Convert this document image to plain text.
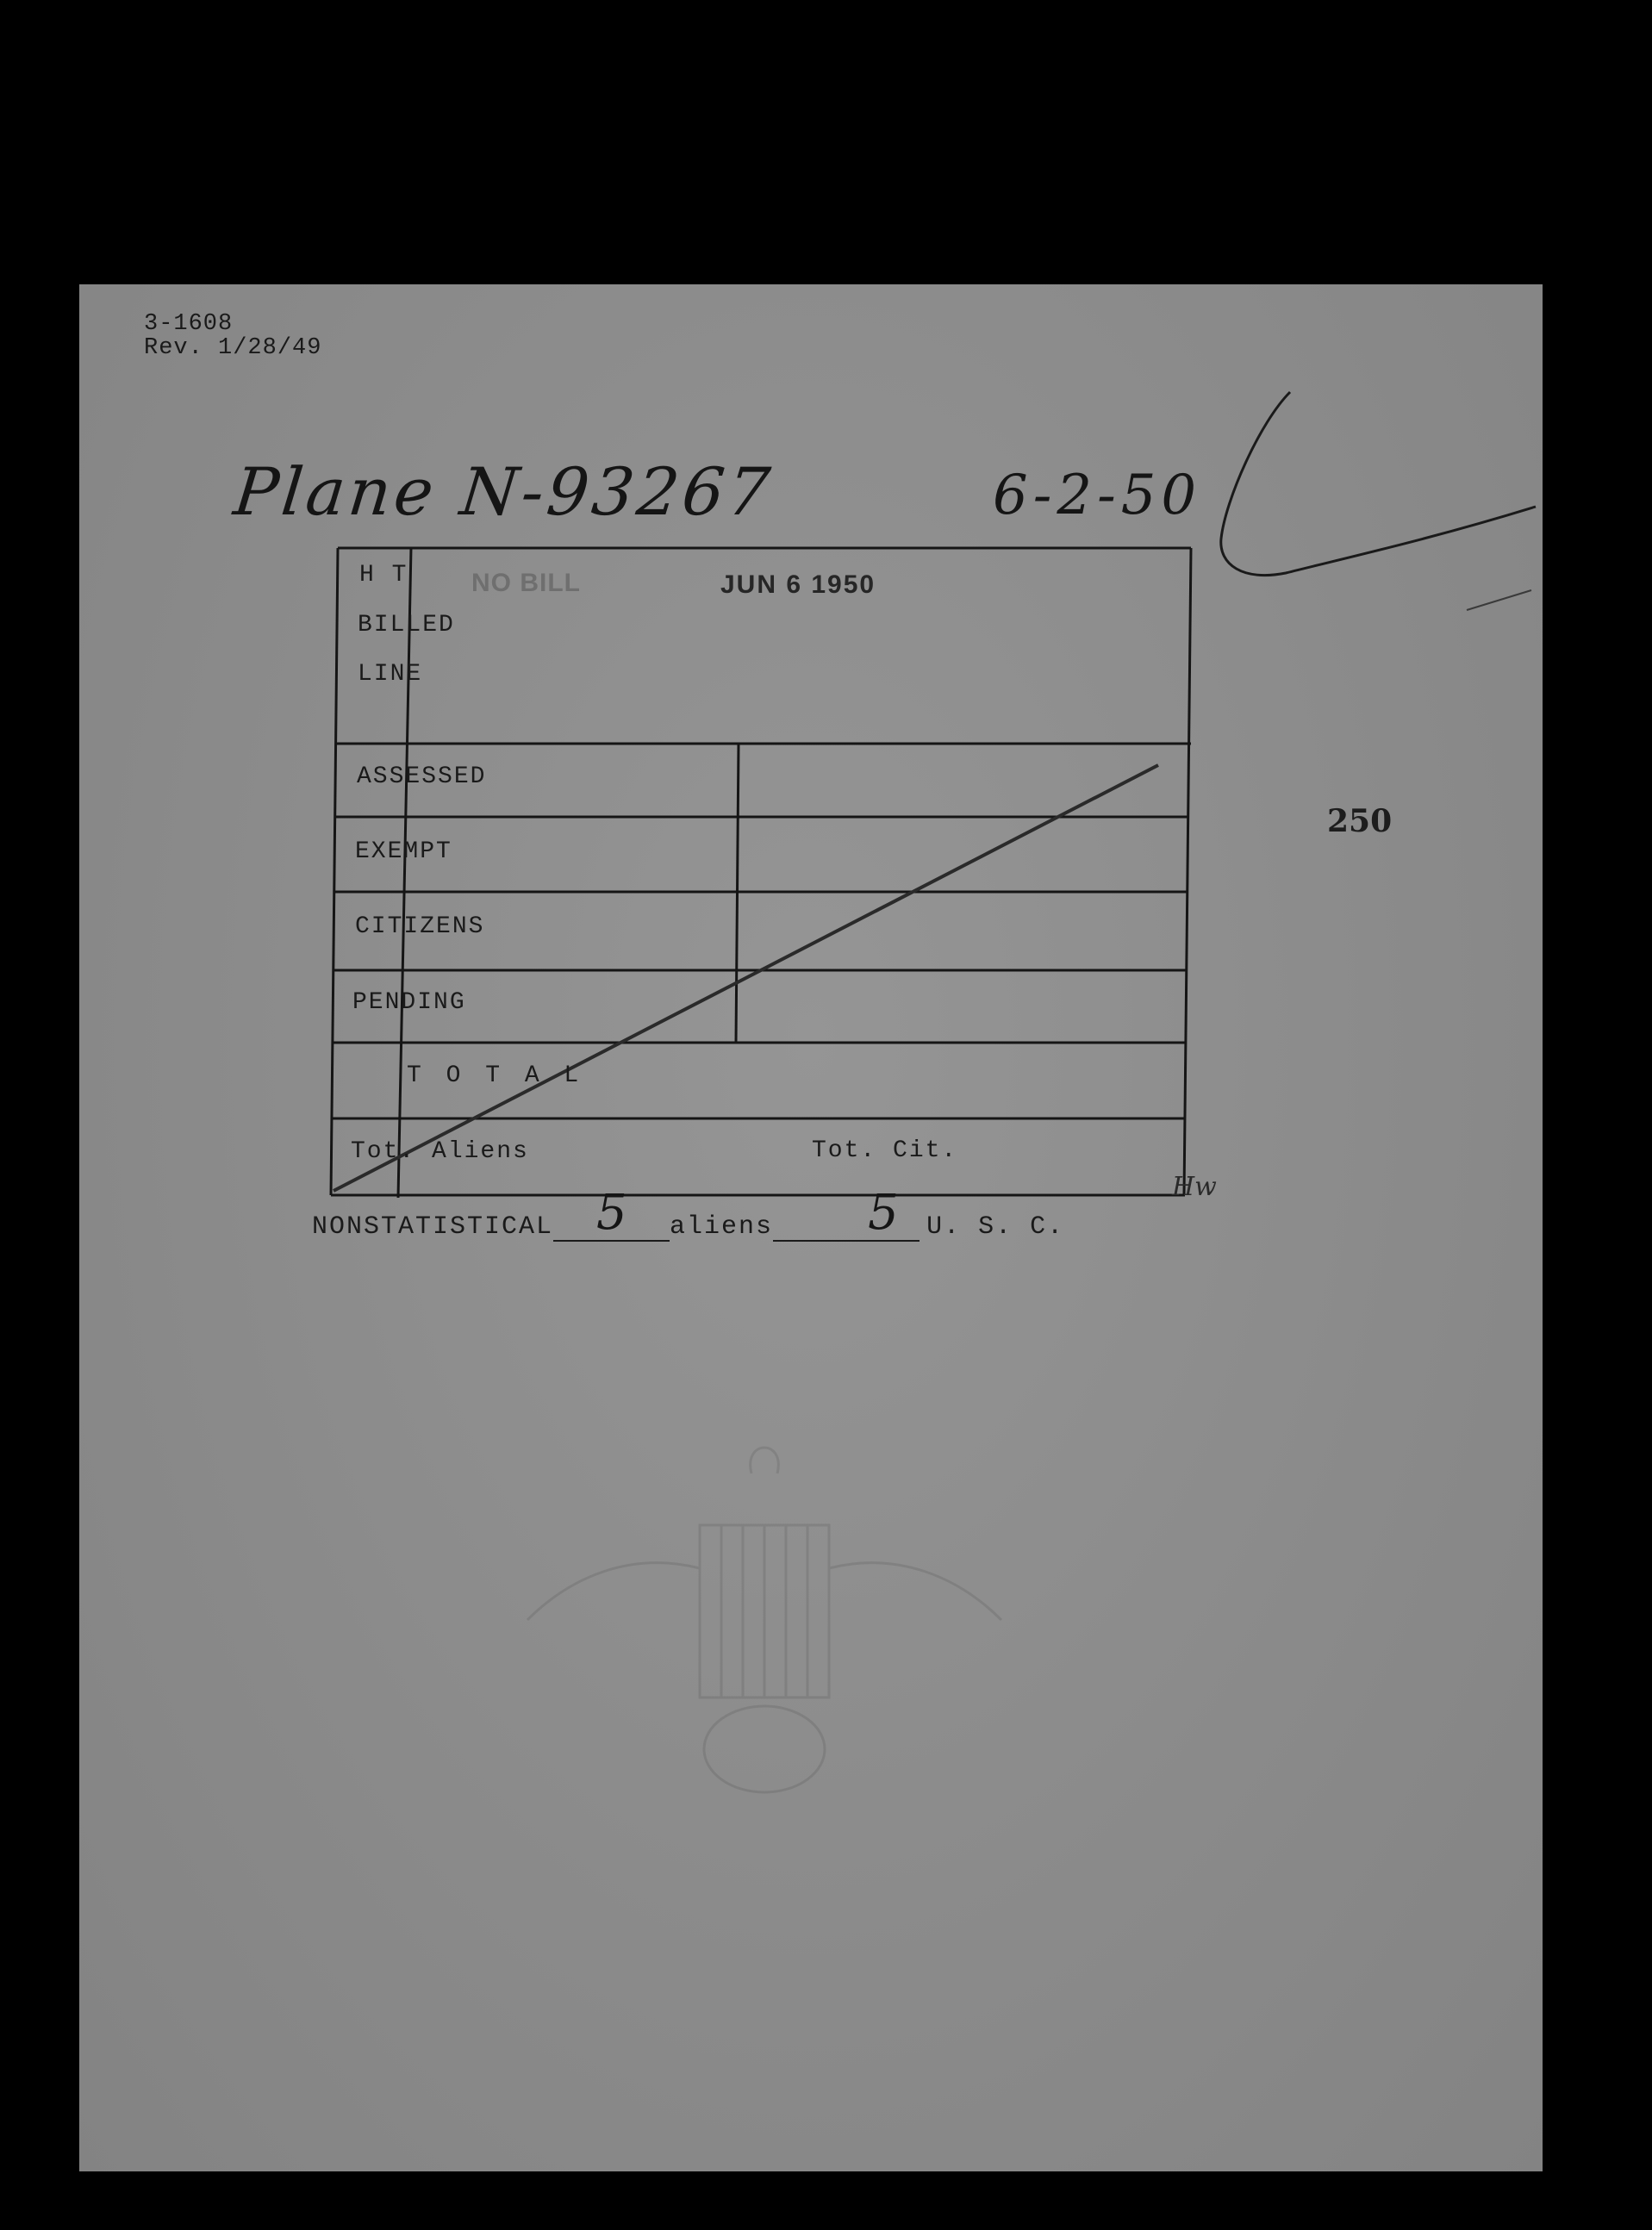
3-1608
Rev. 1/28/49
Plane N-93267	6-2-50
NO BILL	JUN 6 1950
H T
BILLED
LINE
ASSESSED
EXEMPT
CITIZENS
PENDING
T O T A L
Tot. Aliens	Tot. Cit.
Hw
NONSTATISTICAL 5 aliens 5 U. S. C.
250
